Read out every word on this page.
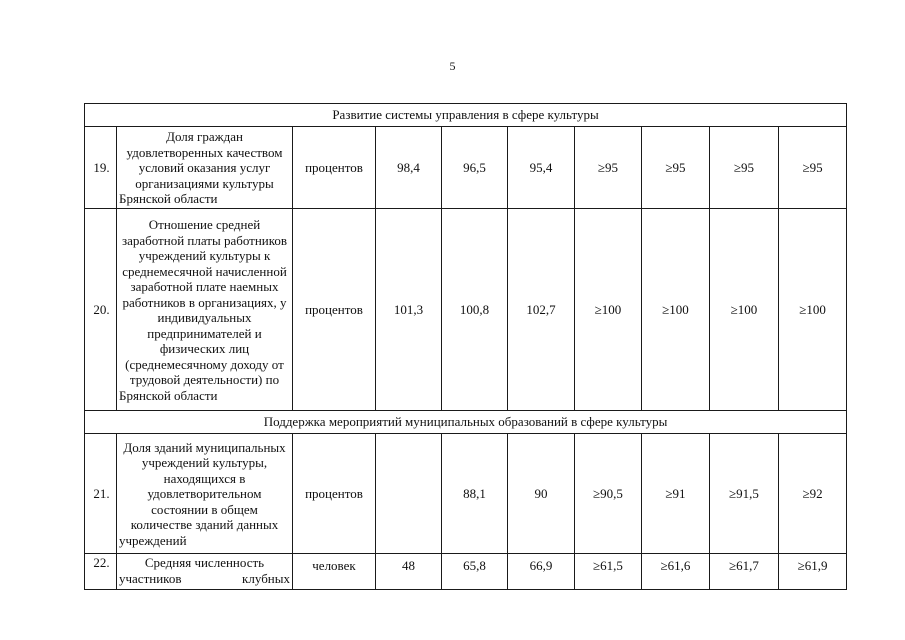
5
Развитие системы управления в сфере культуры									
19.	Доля граждан удовлетворенных качеством условий оказания услуг организациями культуры Брянской области	процентов	98,4	96,5	95,4	≥95	≥95	≥95	≥95
20.	Отношение средней заработной платы работников учреждений культуры к среднемесячной начисленной заработной плате наемных работников в организациях, у индивидуальных предпринимателей и физических лиц (среднемесячному доходу от трудовой деятельности) по Брянской области	процентов	101,3	100,8	102,7	≥100	≥100	≥100	≥100
Поддержка мероприятий муниципальных образований в сфере культуры									
21.	Доля зданий муниципальных учреждений культуры, находящихся в удовлетворительном состоянии в общем количестве зданий данных учреждений	процентов		88,1	90	≥90,5	≥91	≥91,5	≥92
22.	Средняя численность участников клубных	человек	48	65,8	66,9	≥61,5	≥61,6	≥61,7	≥61,9
